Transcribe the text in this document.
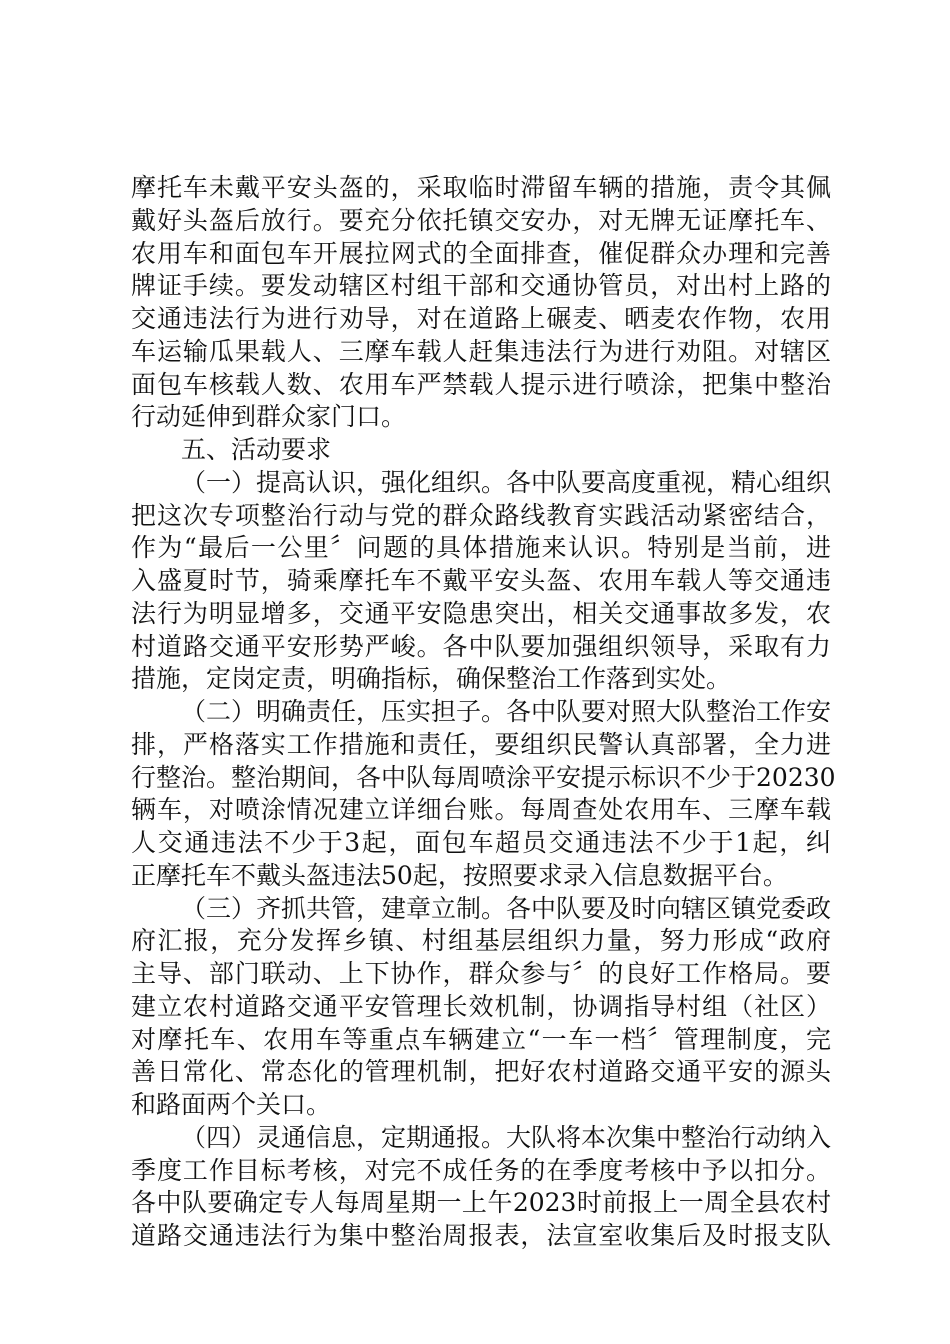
摩托车未戴平安头盔的，采取临时滞留车辆的措施，责令其佩
戴好头盔后放行。要充分依托镇交安办，对无牌无证摩托车、
农用车和面包车开展拉网式的全面排查，催促群众办理和完善
牌证手续。要发动辖区村组干部和交通协管员，对出村上路的
交通违法行为进行劝导，对在道路上碾麦、晒麦农作物，农用
车运输瓜果载人、三摩车载人赶集违法行为进行劝阻。对辖区
面包车核载人数、农用车严禁载人提示进行喷涂，把集中整治
行动延伸到群众家门口。
五、活动要求
（一）提高认识，强化组织。各中队要高度重视，精心组织
把这次专项整治行动与党的群众路线教育实践活动紧密结合，
作为“最后一公里〞问题的具体措施来认识。特别是当前，进
入盛夏时节，骑乘摩托车不戴平安头盔、农用车载人等交通违
法行为明显增多，交通平安隐患突出，相关交通事故多发，农
村道路交通平安形势严峻。各中队要加强组织领导，采取有力
措施，定岗定责，明确指标，确保整治工作落到实处。
（二）明确责任，压实担子。各中队要对照大队整治工作安
排，严格落实工作措施和责任，要组织民警认真部署，全力进
行整治。整治期间，各中队每周喷涂平安提示标识不少于20230
辆车，对喷涂情况建立详细台账。每周查处农用车、三摩车载
人交通违法不少于3起，面包车超员交通违法不少于1起，纠
正摩托车不戴头盔违法50起，按照要求录入信息数据平台。
（三）齐抓共管，建章立制。各中队要及时向辖区镇党委政
府汇报，充分发挥乡镇、村组基层组织力量，努力形成“政府
主导、部门联动、上下协作，群众参与〞的良好工作格局。要
建立农村道路交通平安管理长效机制，协调指导村组（社区）
对摩托车、农用车等重点车辆建立“一车一档〞管理制度，完
善日常化、常态化的管理机制，把好农村道路交通平安的源头
和路面两个关口。
（四）灵通信息，定期通报。大队将本次集中整治行动纳入
季度工作目标考核，对完不成任务的在季度考核中予以扣分。
各中队要确定专人每周星期一上午2023时前报上一周全县农村
道路交通违法行为集中整治周报表，法宣室收集后及时报支队
